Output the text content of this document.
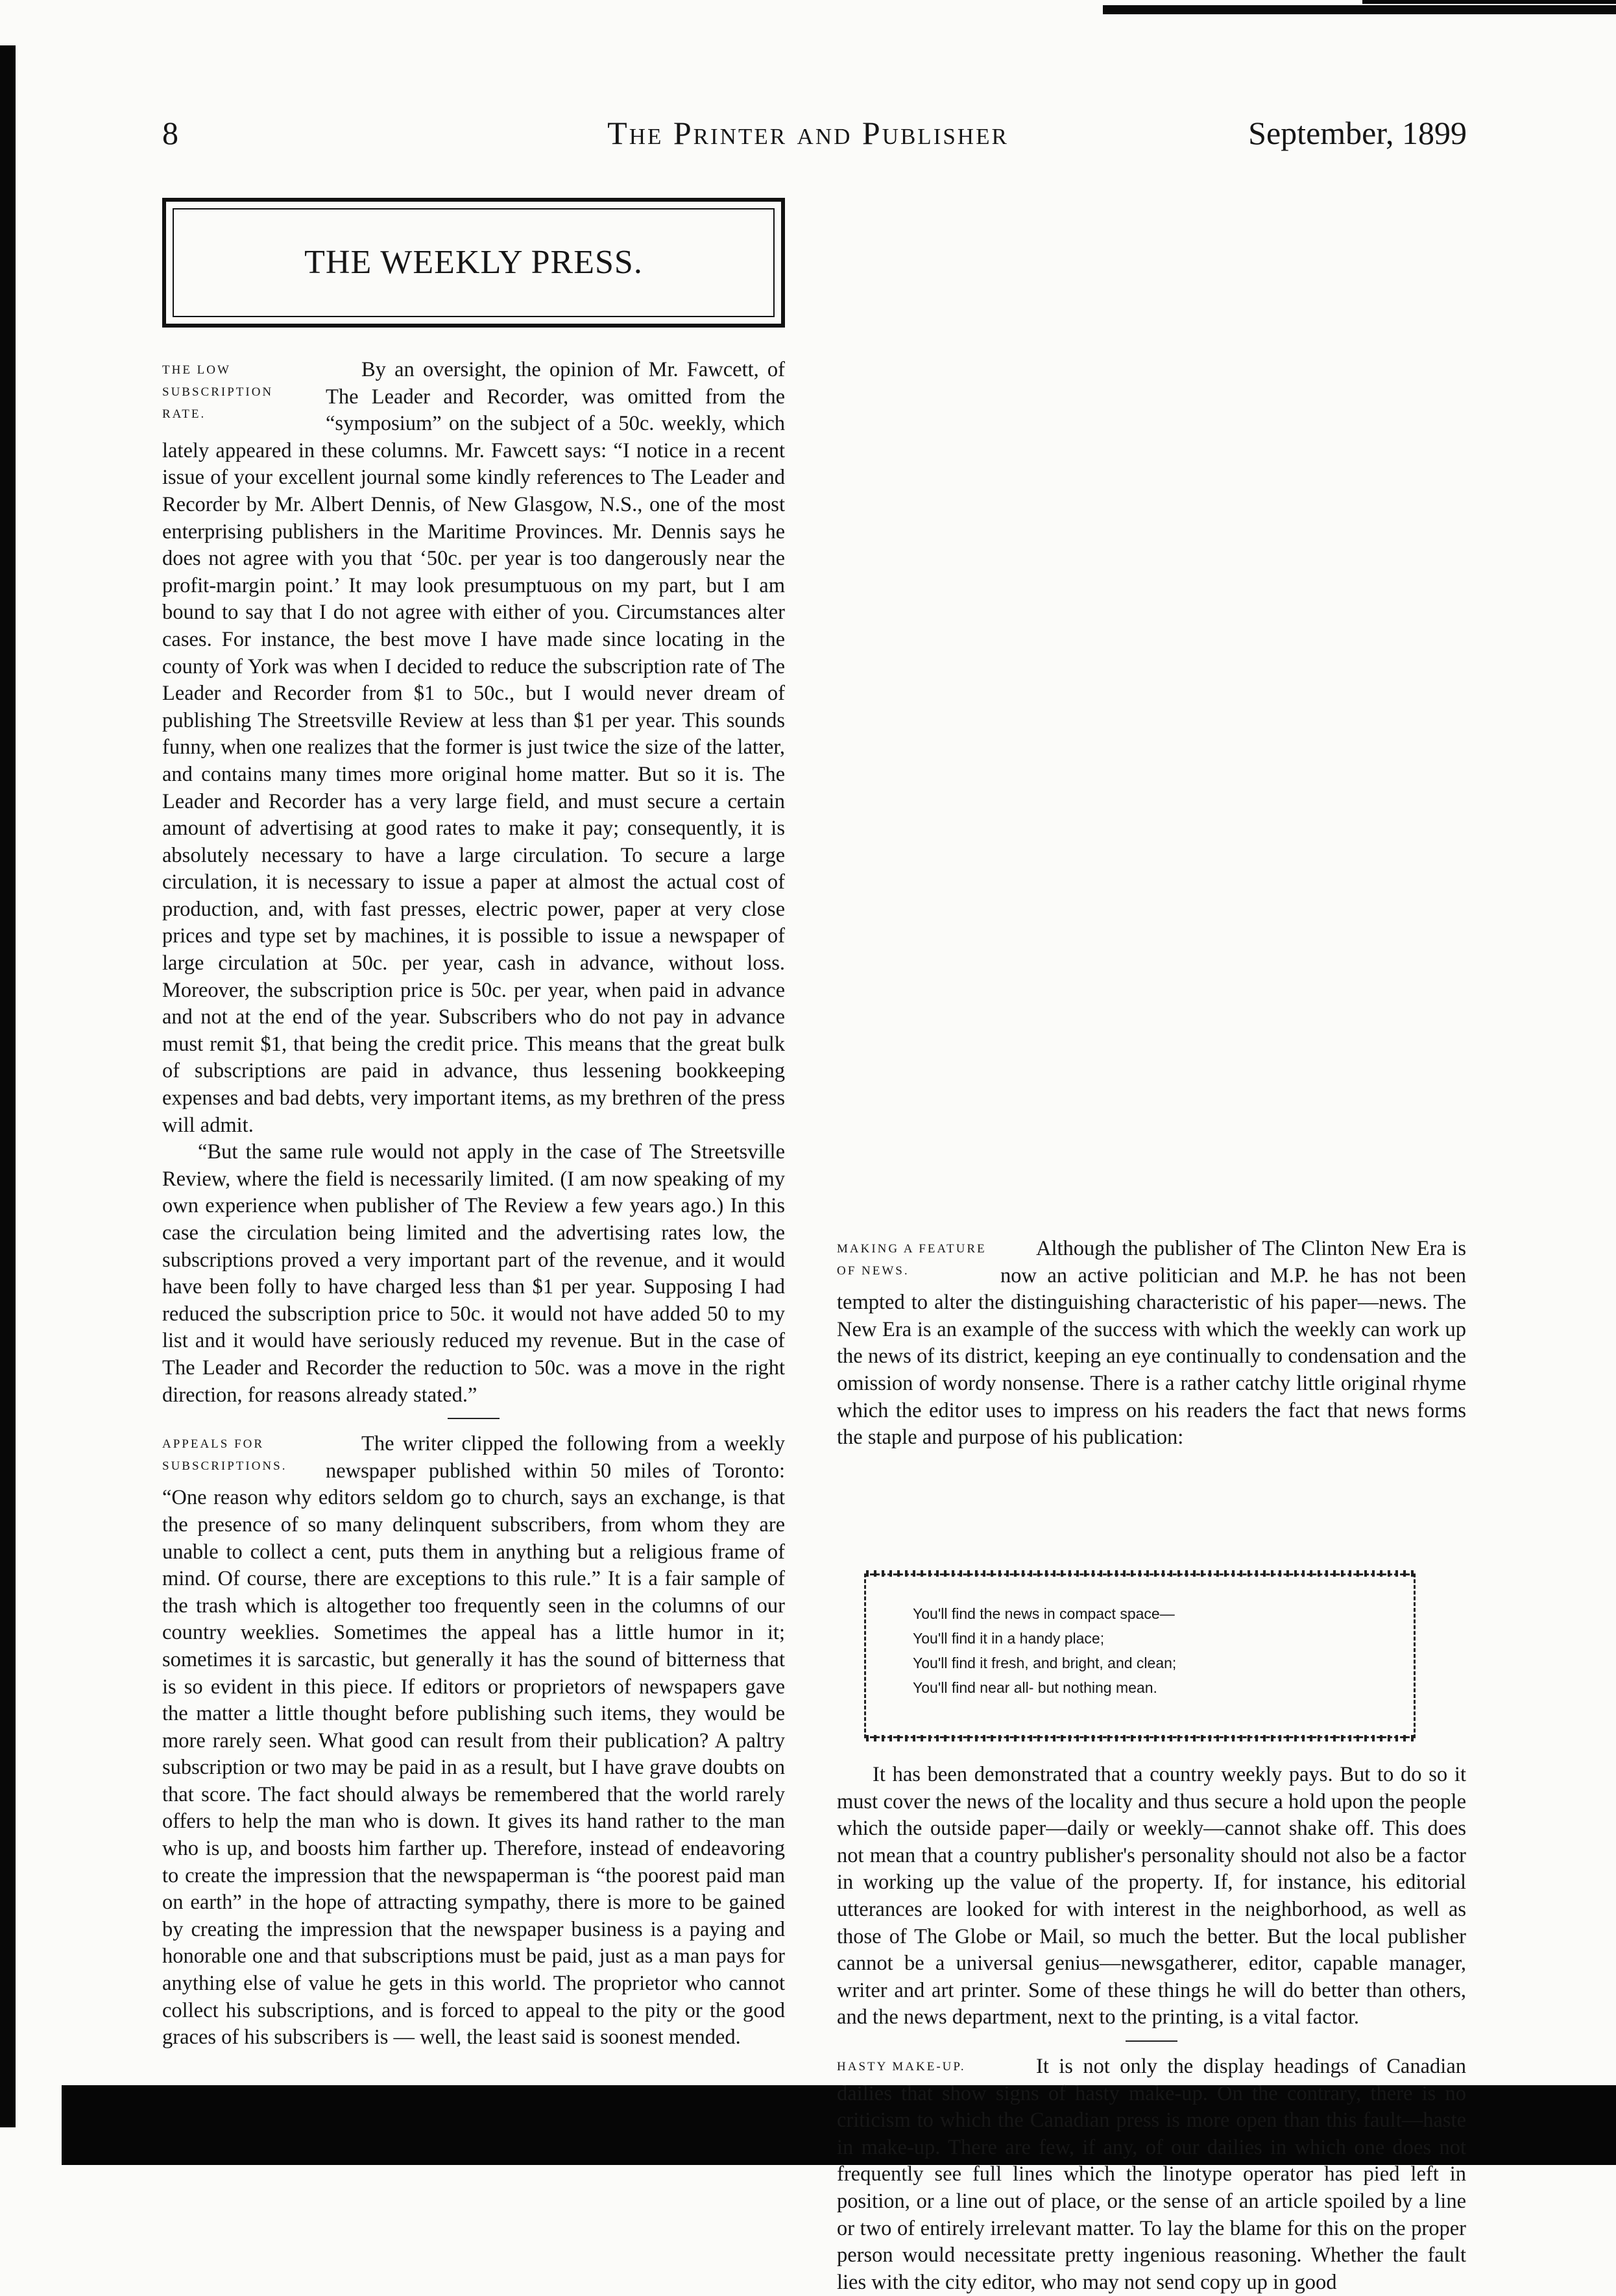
8	The Printer and Publisher	September, 1899
THE WEEKLY PRESS.

THE LOW SUBSCRIPTION RATE.
By an oversight, the opinion of Mr. Fawcett, of The Leader and Recorder, was omitted from the “symposium” on the subject of a 50c. weekly, which lately appeared in these columns. Mr. Fawcett says: “I notice in a recent issue of your excellent journal some kindly references to The Leader and Recorder by Mr. Albert Dennis, of New Glasgow, N.S., one of the most enterprising publishers in the Maritime Provinces. Mr. Dennis says he does not agree with you that ‘50c. per year is too dangerously near the profit-margin point.’ It may look presumptuous on my part, but I am bound to say that I do not agree with either of you. Circumstances alter cases. For instance, the best move I have made since locating in the county of York was when I decided to reduce the subscription rate of The Leader and Recorder from $1 to 50c., but I would never dream of publishing The Streetsville Review at less than $1 per year. This sounds funny, when one realizes that the former is just twice the size of the latter, and contains many times more original home matter. But so it is. The Leader and Recorder has a very large field, and must secure a certain amount of advertising at good rates to make it pay; consequently, it is absolutely necessary to have a large circulation. To secure a large circulation, it is necessary to issue a paper at almost the actual cost of production, and, with fast presses, electric power, paper at very close prices and type set by machines, it is possible to issue a newspaper of large circulation at 50c. per year, cash in advance, without loss. Moreover, the subscription price is 50c. per year, when paid in advance and not at the end of the year. Subscribers who do not pay in advance must remit $1, that being the credit price. This means that the great bulk of subscriptions are paid in advance, thus lessening bookkeeping expenses and bad debts, very important items, as my brethren of the press will admit.

“But the same rule would not apply in the case of The Streetsville Review, where the field is necessarily limited. (I am now speaking of my own experience when publisher of The Review a few years ago.) In this case the circulation being limited and the advertising rates low, the subscriptions proved a very important part of the revenue, and it would have been folly to have charged less than $1 per year. Supposing I had reduced the subscription price to 50c. it would not have added 50 to my list and it would have seriously reduced my revenue. But in the case of The Leader and Recorder the reduction to 50c. was a move in the right direction, for reasons already stated.”

APPEALS FOR SUBSCRIPTIONS.
The writer clipped the following from a weekly newspaper published within 50 miles of Toronto: “One reason why editors seldom go to church, says an exchange, is that the presence of so many delinquent subscribers, from whom they are unable to collect a cent, puts them in anything but a religious frame of mind. Of course, there are exceptions to this rule.” It is a fair sample of the trash which is altogether too frequently seen in the columns of our country weeklies. Sometimes the appeal has a little humor in it; sometimes it is sarcastic, but generally it has the sound of bitterness that is so evident in this piece. If editors or proprietors of newspapers gave the matter a little thought before publishing such items, they would be more rarely seen. What good can result from their publication? A paltry subscription or two may be paid in as a result, but I have grave doubts on that score. The fact should always be remembered that the world rarely offers to help the man who is down. It gives its hand rather to the man who is up, and boosts him farther up. Therefore, instead of endeavoring to create the impression that the newspaperman is “the poorest paid man on earth” in the hope of attracting sympathy, there is more to be gained by creating the impression that the newspaper business is a paying and honorable one and that subscriptions must be paid, just as a man pays for anything else of value he gets in this world. The proprietor who cannot collect his subscriptions, and is forced to appeal to the pity or the good graces of his subscribers is — well, the least said is soonest mended.

MAKING A FEATURE OF NEWS.
Although the publisher of The Clinton New Era is now an active politician and M.P. he has not been tempted to alter the distinguishing characteristic of his paper—news. The New Era is an example of the success with which the weekly can work up the news of its district, keeping an eye continually to condensation and the omission of wordy nonsense. There is a rather catchy little original rhyme which the editor uses to impress on his readers the fact that news forms the staple and purpose of his publication:

You'll find the news in compact space—
You'll find it in a handy place;
You'll find it fresh, and bright, and clean;
You'll find near all- but nothing mean.

It has been demonstrated that a country weekly pays. But to do so it must cover the news of the locality and thus secure a hold upon the people which the outside paper—daily or weekly—cannot shake off. This does not mean that a country publisher's personality should not also be a factor in working up the value of the property. If, for instance, his editorial utterances are looked for with interest in the neighborhood, as well as those of The Globe or Mail, so much the better. But the local publisher cannot be a universal genius—newsgatherer, editor, capable manager, writer and art printer. Some of these things he will do better than others, and the news department, next to the printing, is a vital factor.

HASTY MAKE-UP.	It is not only the display headings of Canadian dailies that show signs of hasty make-up. On the contrary, there is no criticism to which the Canadian press is more open than this fault—haste in make-up. There are few, if any, of our dailies in which one does not frequently see full lines which the linotype operator has pied left in position, or a line out of place, or the sense of an article spoiled by a line or two of entirely irrelevant matter. To lay the blame for this on the proper person would necessitate pretty ingenious reasoning. Whether the fault lies with the city editor, who may not send copy up in good
